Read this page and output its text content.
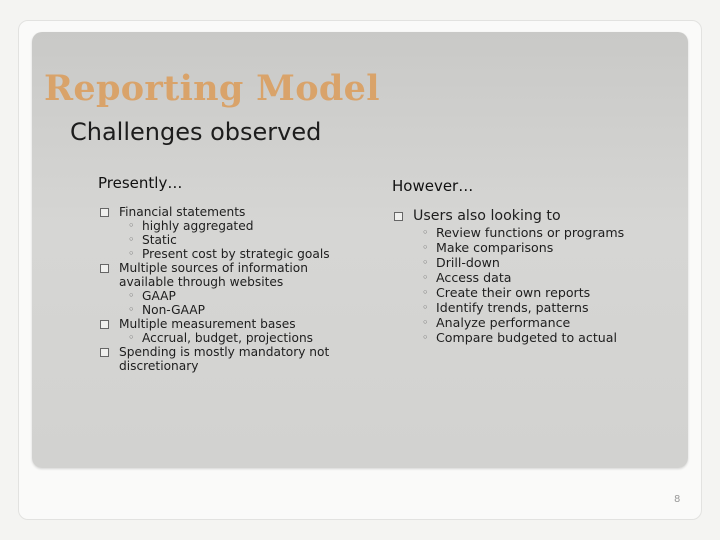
Reporting Model
Challenges observed
Presently…	However…
Financial statements
◦ highly aggregated
◦ Static
◦ Present cost by strategic goals
Multiple sources of information available through websites
◦ GAAP
◦ Non-GAAP
Multiple measurement bases
◦ Accrual, budget, projections
Spending is mostly mandatory not discretionary
Users also looking to
◦ Review functions or programs
◦ Make comparisons
◦ Drill-down
◦ Access data
◦ Create their own reports
◦ Identify trends, patterns
◦ Analyze performance
◦ Compare budgeted to actual
8
